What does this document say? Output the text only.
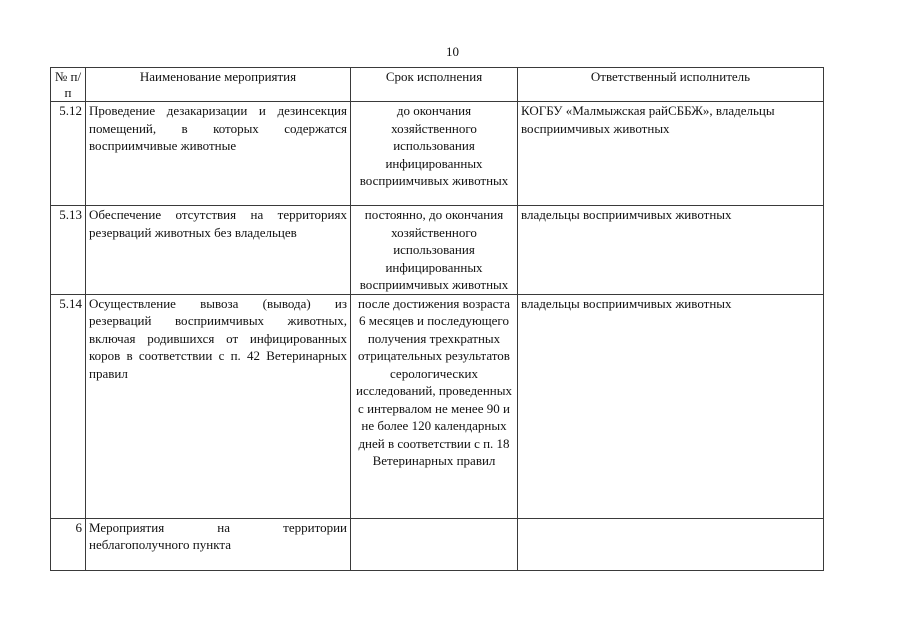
10
№ п/п	Наименование мероприятия	Срок исполнения	Ответственный исполнитель
5.12	Проведение дезакаризации и дезинсекция помещений, в которых содержатся восприимчивые животные	до окончания хозяйственного использования инфицированных восприимчивых животных	КОГБУ «Малмыжская райСББЖ», владельцы восприимчивых животных
5.13	Обеспечение отсутствия на территориях резерваций животных без владельцев	постоянно, до окончания хозяйственного использования инфицированных восприимчивых животных	владельцы восприимчивых животных
5.14	Осуществление вывоза (вывода) из резерваций восприимчивых животных, включая родившихся от инфицированных коров в соответствии с п. 42 Ветеринарных правил	после достижения возраста 6 месяцев и последующего получения трехкратных отрицательных результатов серологических исследований, проведенных с интервалом не менее 90 и не более 120 календарных дней в соответствии с п. 18 Ветеринарных правил	владельцы восприимчивых животных
6	Мероприятия на территории неблагополучного пункта		
